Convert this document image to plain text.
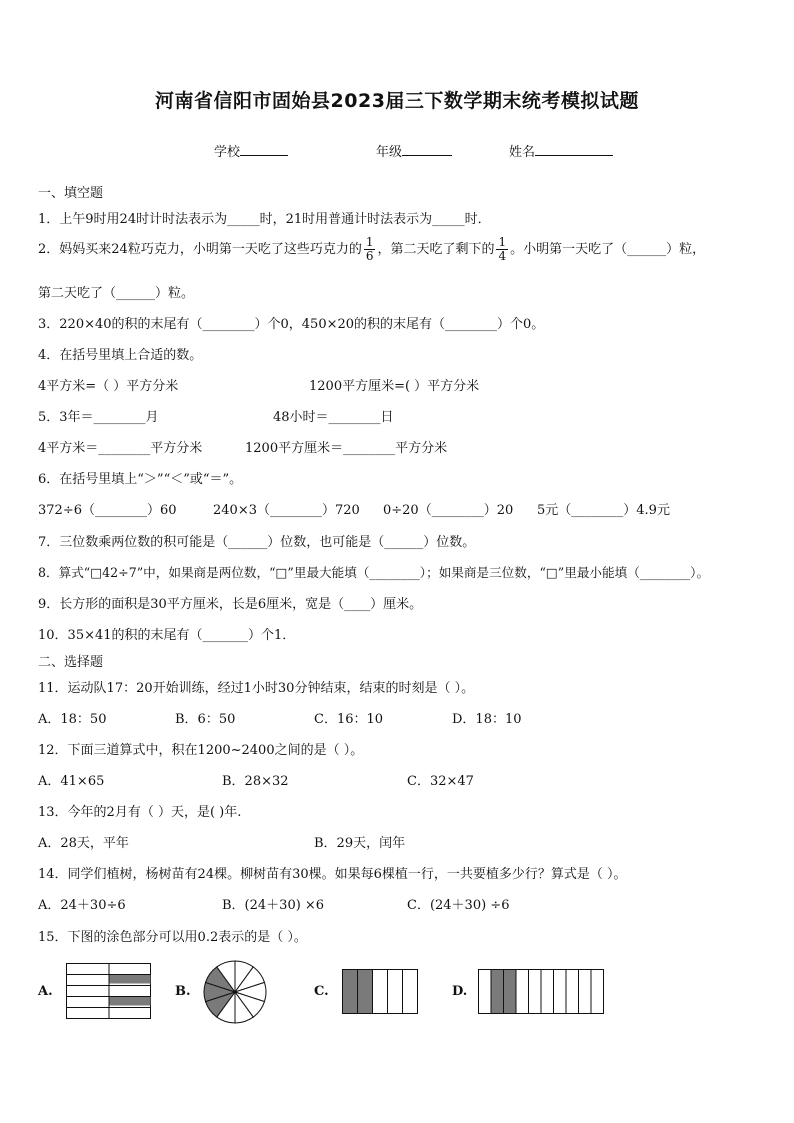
河南省信阳市固始县2023届三下数学期末统考模拟试题
学校	年级	姓名
一、填空题
1．上午9时用24时计时法表示为_____时，21时用普通计时法表示为_____时．
2．妈妈买来24粒巧克力，小明第一天吃了这些巧克力的 $\frac{1}{6}$ ，第二天吃了剩下的 $\frac{1}{4}$ 。小明第一天吃了（______）粒，
第二天吃了（______）粒。
3．220×40的积的末尾有（________）个0，450×20的积的末尾有（________）个0。
4．在括号里填上合适的数。
4平方米=（ ）平方分米	1200平方厘米=( ）平方分米
5．3年＝________月	48小时＝________日
4平方米＝________平方分米	1200平方厘米＝________平方分米
6．在括号里填上“＞”“＜”或“＝”。
372÷6（________）60	240×3（________）720 0÷20（________）20 5元（________）4.9元
7．三位数乘两位数的积可能是（______）位数，也可能是（______）位数。
8．算式“□42÷7”中，如果商是两位数，“□”里最大能填（________）；如果商是三位数，“□”里最小能填（________）。
9．长方形的面积是30平方厘米，长是6厘米，宽是（____）厘米。
10．35×41的积的末尾有（_______）个1．
二、选择题
11．运动队17：20开始训练，经过1小时30分钟结束，结束的时刻是（ ）。
A．18：50	B．6：50	C．16：10	D．18：10
12．下面三道算式中，积在1200~2400之间的是（ ）。
A．41×65	B．28×32	C．32×47
13．今年的2月有（ ）天，是( )年.
A．28天，平年	B．29天，闰年
14．同学们植树，杨树苗有24棵。柳树苗有30棵。如果每6棵植一行，一共要植多少行？算式是（ ）。
A．24＋30÷6	B．(24＋30) ×6	C．(24＋30) ÷6
15．下图的涂色部分可以用0.2表示的是（ ）。
A.	B.	C.	D.
